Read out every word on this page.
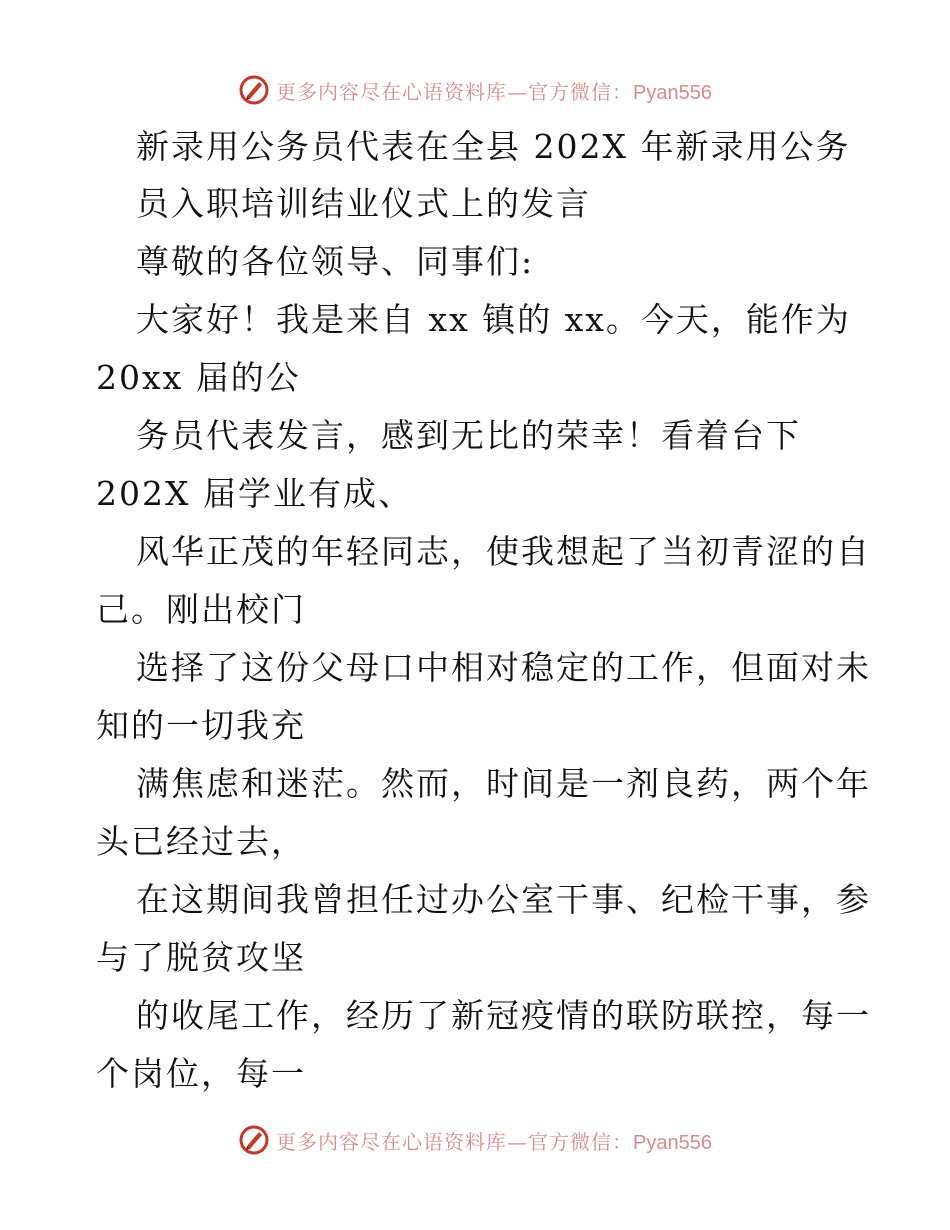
更多内容尽在心语资料库—官方微信：Pyan556
新录用公务员代表在全县 202X 年新录用公务
员入职培训结业仪式上的发言
尊敬的各位领导、同事们:
大家好！我是来自 xx 镇的 xx。今天，能作为
20xx 届的公
务员代表发言，感到无比的荣幸！看着台下
202X 届学业有成、
风华正茂的年轻同志，使我想起了当初青涩的自
己。刚出校门
选择了这份父母口中相对稳定的工作，但面对未
知的一切我充
满焦虑和迷茫。然而，时间是一剂良药，两个年
头已经过去，
在这期间我曾担任过办公室干事、纪检干事，参
与了脱贫攻坚
的收尾工作，经历了新冠疫情的联防联控，每一
个岗位，每一
更多内容尽在心语资料库—官方微信：Pyan556
